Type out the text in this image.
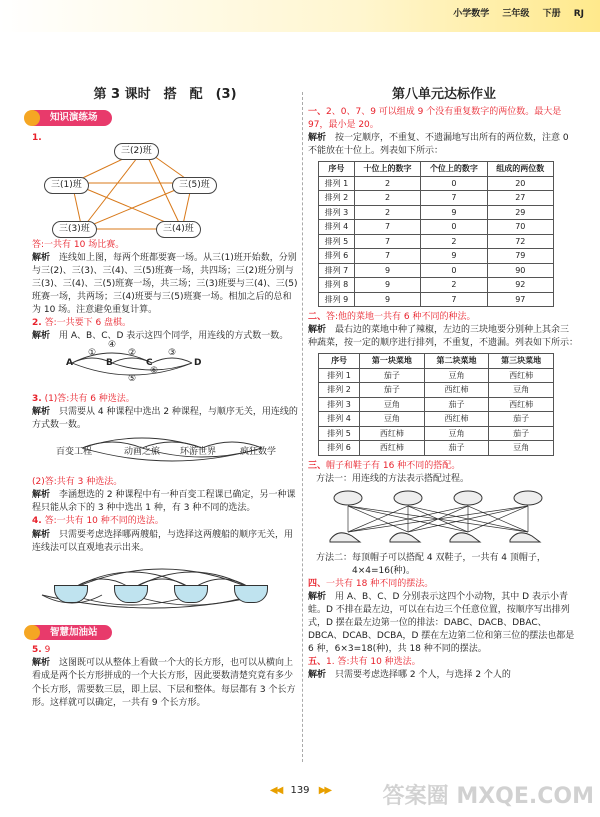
小学数学 三年级 下册 RJ
第 3 课时　搭　配　(3)	第八单元达标作业
知识演练场

1.

三(2)班
三(1)班	三(5)班
三(3)班	三(4)班

答:一共有 10 场比赛。

解析　 连线如上图，每两个班都要赛一场。从三(1)班开始数，分别与三(2)、三(3)、三(4)、三(5)班赛一场，共四场；三(2)班分别与三(3)、三(4)、三(5)班赛一场，共三场；三(3)班要与三(4)、三(5)班赛一场，共两场；三(4)班要与三(5)班赛一场。相加之后的总和为 10 场。注意避免重复计算。

2. 答:一共要下 6 盘棋。

解析　 用 A、B、C、D 表示这四个同学，用连线的方式数一数。

A	B	C	D
①	②	③
④
⑥
⑤

3. (1)答:共有 6 种选法。

解析　 只需要从 4 种课程中选出 2 种课程，与顺序无关，用连线的方式数一数。

百变工程	动画之旅 环游世界	疯狂数学

(2)答:共有 3 种选法。

解析　 李涵想选的 2 种课程中有一种百变工程课已确定，另一种课程只能从余下的 3 种中选出 1 种，有 3 种不同的选法。

4. 答:一共有 10 种不同的选法。

解析　 只需要考虑选择哪两艘船，与选择这两艘船的顺序无关，用连线法可以直观地表示出来。

智慧加油站

5. 9

解析　 这图既可以从整体上看做一个大的长方形，也可以从横向上看成是两个长方形拼成的一个大长方形，因此要数清楚究竟有多少个长方形，需要数三层，即上层、下层和整体。每层都有 3 个长方形。这样就可以确定，一共有 9 个长方形。

一、2、0、7、9 可以组成 9 个没有重复数字的两位数。最大是 97，最小是 20。

解析　 按一定顺序，不重复、不遗漏地写出所有的两位数，注意 0 不能放在十位上。列表如下所示：

序号	十位上的数字	个位上的数字	组成的两位数
排列 1	2	0	20
排列 2	2	7	27
排列 3	2	9	29
排列 4	7	0	70
排列 5	7	2	72
排列 6	7	9	79
排列 7	9	0	90
排列 8	9	2	92
排列 9	9	7	97

二、答:他的菜地一共有 6 种不同的种法。

解析　 最右边的菜地中种了辣椒，左边的三块地要分别种上其余三种蔬菜，按一定的顺序进行排列，不重复，不遗漏。列表如下所示：

序号	第一块菜地	第二块菜地	第三块菜地
排列 1	茄子	豆角	西红柿
排列 2	茄子	西红柿	豆角
排列 3	豆角	茄子	西红柿
排列 4	豆角	西红柿	茄子
排列 5	西红柿	豆角	茄子
排列 6	西红柿	茄子	豆角

三、帽子和鞋子有 16 种不同的搭配。

方法一：用连线的方法表示搭配过程。

方法二：每顶帽子可以搭配 4 双鞋子，一共有 4 顶帽子，

　　　　4×4=16(种)。

四、一共有 18 种不同的摆法。

解析　 用 A、B、C、D 分别表示这四个小动物，其中 D 表示小青蛙。D 不排在最左边，可以在右边三个任意位置，按顺序写出排列式，D 摆在最左边第一位的排法：DABC、DACB、DBAC、DBCA、DCAB、DCBA，D 摆在左边第二位和第三位的摆法也都是 6 种，6×3=18(种)，共 18 种不同的摆法。

五、1. 答:共有 10 种选法。

解析　 只需要考虑选择哪 2 个人，与选择 2 个人的

◀◀ 139 ▶▶	答案圈 MXQE.COM
